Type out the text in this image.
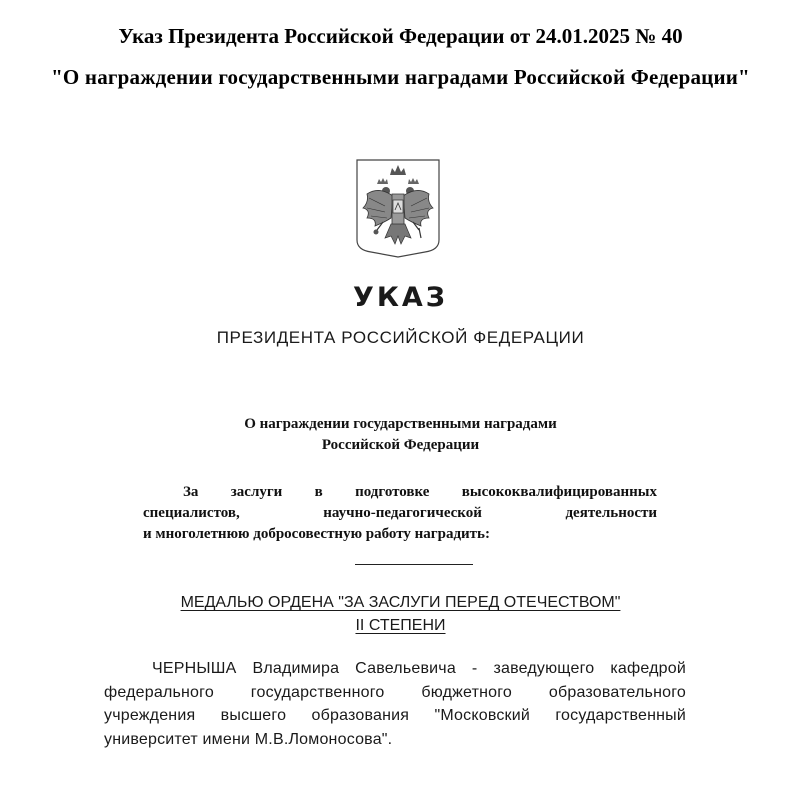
Указ Президента Российской Федерации от 24.01.2025 № 40
"О награждении государственными наградами Российской Федерации"
УКАЗ
ПРЕЗИДЕНТА РОССИЙСКОЙ ФЕДЕРАЦИИ
О награждении государственными наградами
Российской Федерации
За заслуги в подготовке высококвалифицированных
специалистов, научно-педагогической деятельности
и многолетнюю добросовестную работу наградить:
МЕДАЛЬЮ ОРДЕНА "ЗА ЗАСЛУГИ ПЕРЕД ОТЕЧЕСТВОМ"
II СТЕПЕНИ
ЧЕРНЫША Владимира Савельевича - заведующего кафедрой
федерального государственного бюджетного образовательного
учреждения высшего образования "Московский государственный
университет имени М.В.Ломоносова".
